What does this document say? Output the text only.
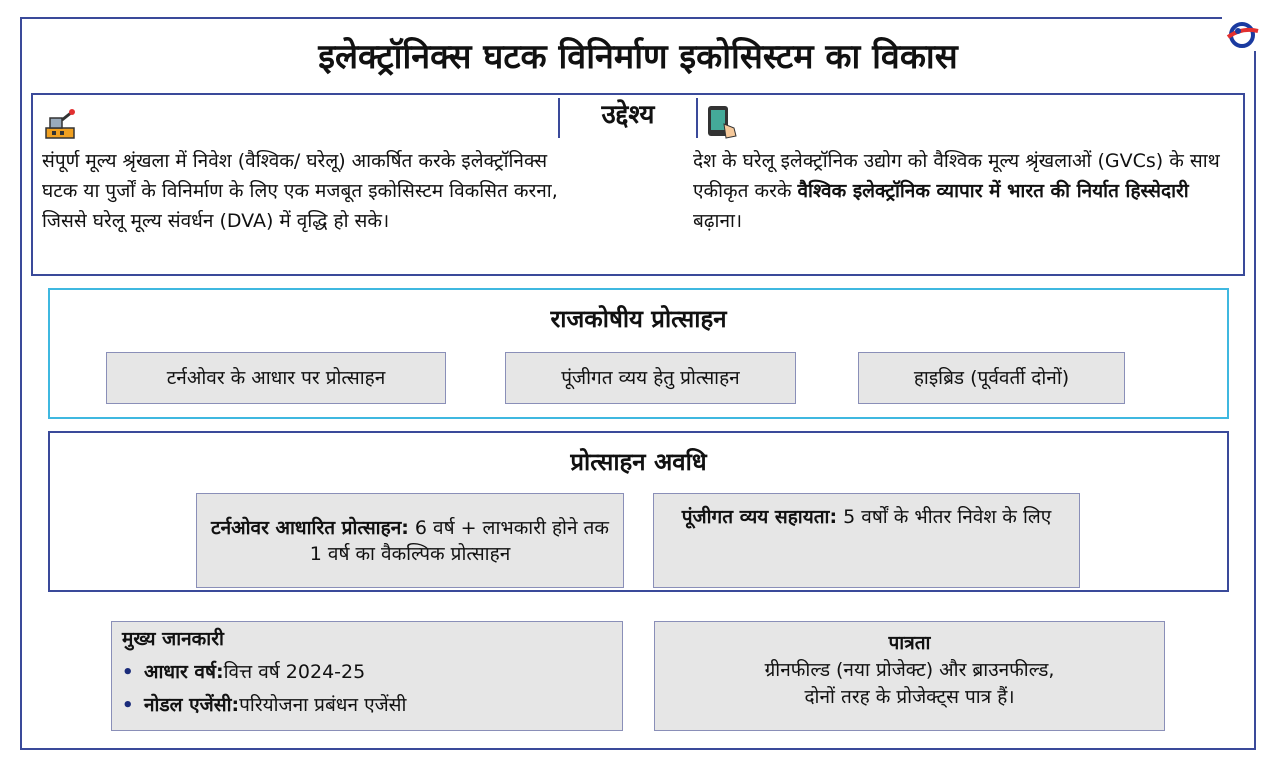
इलेक्ट्रॉनिक्स घटक विनिर्माण इकोसिस्टम का विकास
उद्देश्य
संपूर्ण मूल्य श्रृंखला में निवेश (वैश्विक/ घरेलू) आकर्षित करके इलेक्ट्रॉनिक्स घटक या पुर्जों के विनिर्माण के लिए एक मजबूत इकोसिस्टम विकसित करना, जिससे घरेलू मूल्य संवर्धन (DVA) में वृद्धि हो सके।
देश के घरेलू इलेक्ट्रॉनिक उद्योग को वैश्विक मूल्य श्रृंखलाओं (GVCs) के साथ एकीकृत करके वैश्विक इलेक्ट्रॉनिक व्यापार में भारत की निर्यात हिस्सेदारी बढ़ाना।
राजकोषीय प्रोत्साहन
टर्नओवर के आधार पर प्रोत्साहन	पूंजीगत व्यय हेतु प्रोत्साहन	हाइब्रिड (पूर्ववर्ती दोनों)
प्रोत्साहन अवधि
टर्नओवर आधारित प्रोत्साहन: 6 वर्ष + लाभकारी होने तक 1 वर्ष का वैकल्पिक प्रोत्साहन
पूंजीगत व्यय सहायता: 5 वर्षों के भीतर निवेश के लिए
मुख्य जानकारी
• आधार वर्ष: वित्त वर्ष 2024-25
• नोडल एजेंसी: परियोजना प्रबंधन एजेंसी
पात्रता
ग्रीनफील्ड (नया प्रोजेक्ट) और ब्राउनफील्ड,
दोनों तरह के प्रोजेक्ट्स पात्र हैं।
